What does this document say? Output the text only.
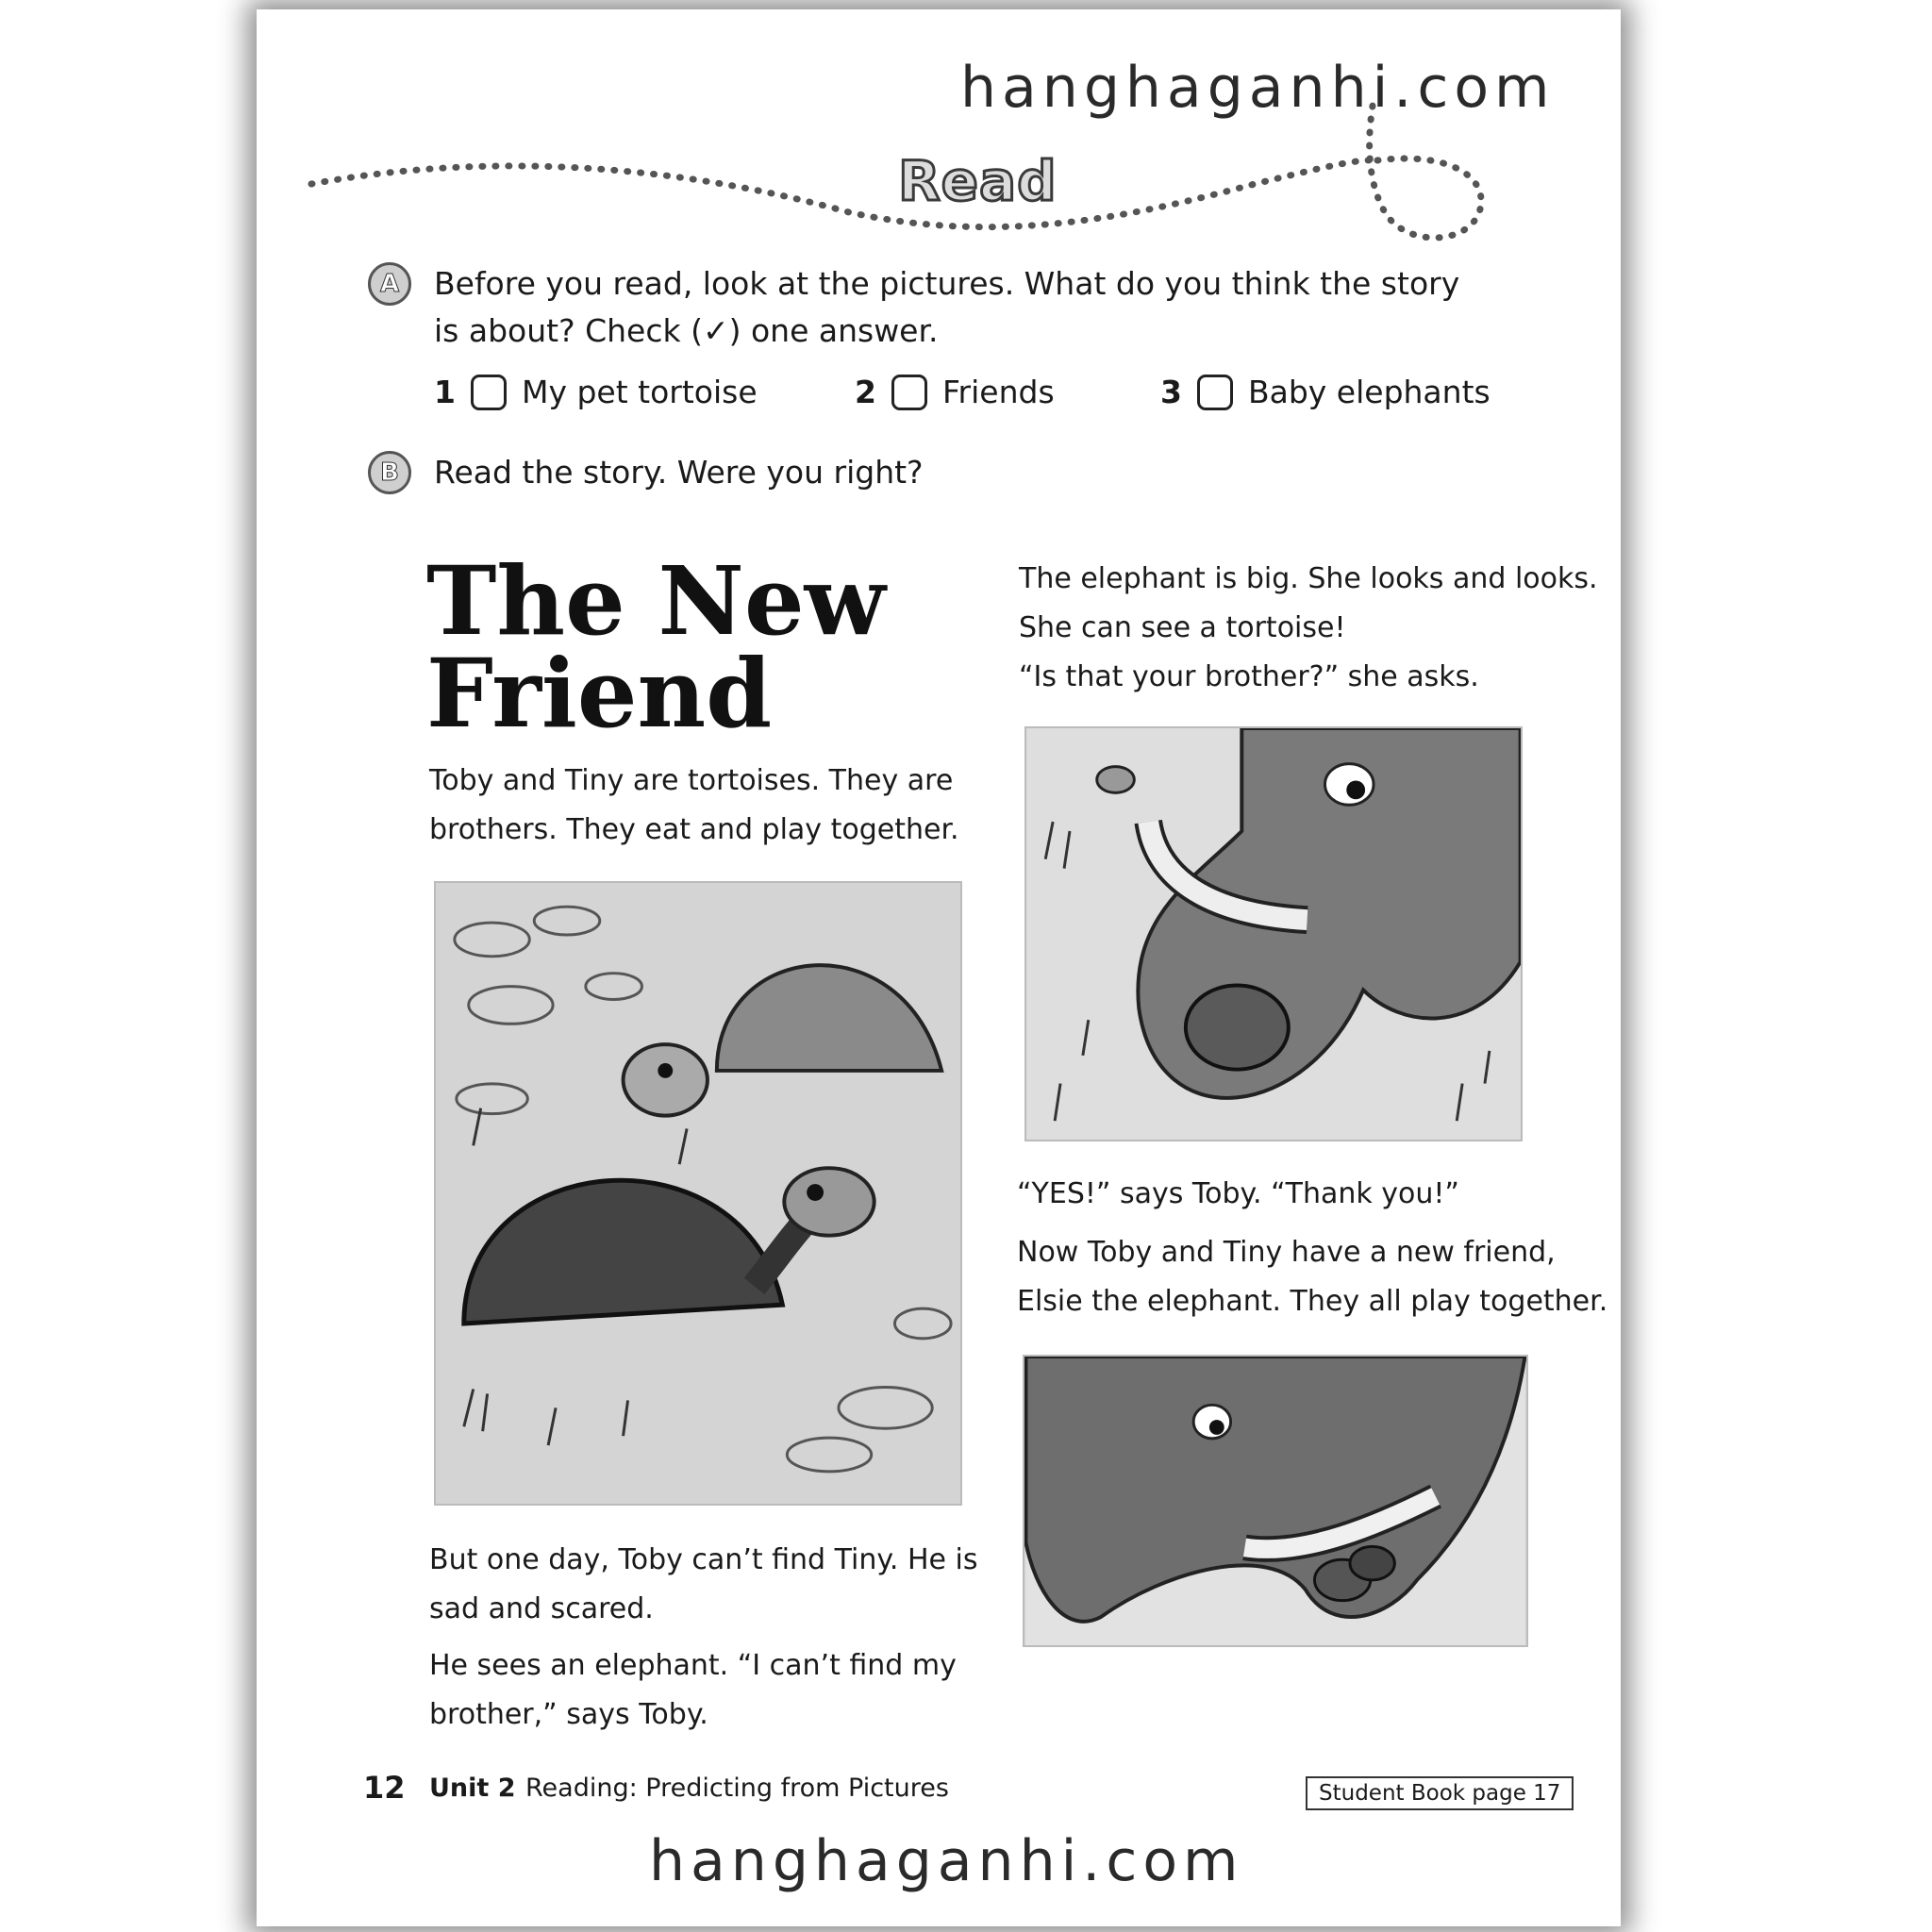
hanghaganhi.com
Read
A	Before you read, look at the pictures. What do you think the story
is about? Check (✓) one answer.
1 My pet tortoise	2 Friends	3 Baby elephants
B	Read the story. Were you right?
The New
Friend
Toby and Tiny are tortoises. They are
brothers. They eat and play together.
But one day, Toby can’t find Tiny. He is
sad and scared.
He sees an elephant. “I can’t find my
brother,” says Toby.
The elephant is big. She looks and looks.
She can see a tortoise!
“Is that your brother?” she asks.
“YES!” says Toby. “Thank you!”
Now Toby and Tiny have a new friend,
Elsie the elephant. They all play together.
12 Unit 2 Reading: Predicting from Pictures	Student Book page 17
hanghaganhi.com
